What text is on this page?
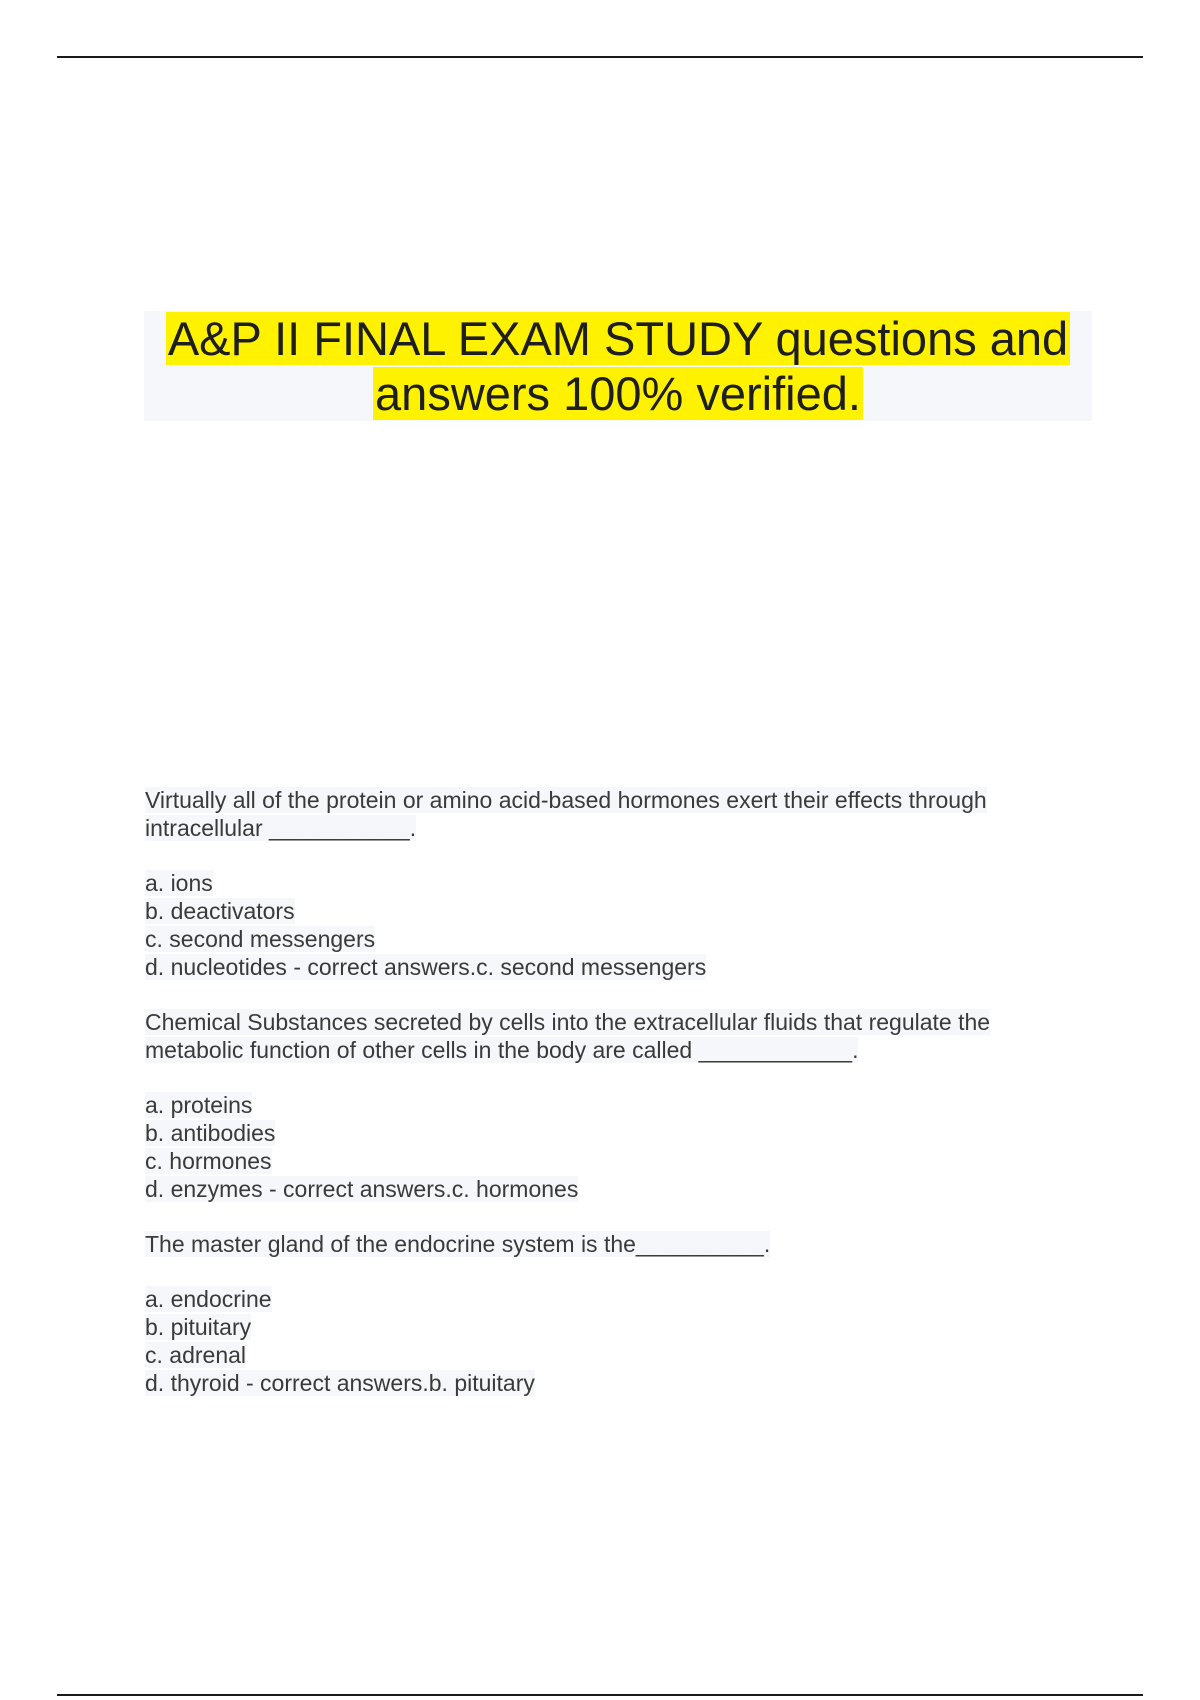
A&P II FINAL EXAM STUDY questions and answers 100% verified.

Virtually all of the protein or amino acid-based hormones exert their effects through intracellular ___________.

a. ions
b. deactivators
c. second messengers
d. nucleotides - correct answers.c. second messengers

Chemical Substances secreted by cells into the extracellular fluids that regulate the metabolic function of other cells in the body are called ____________.

a. proteins
b. antibodies
c. hormones
d. enzymes - correct answers.c. hormones

The master gland of the endocrine system is the__________.

a. endocrine
b. pituitary
c. adrenal
d. thyroid - correct answers.b. pituitary
